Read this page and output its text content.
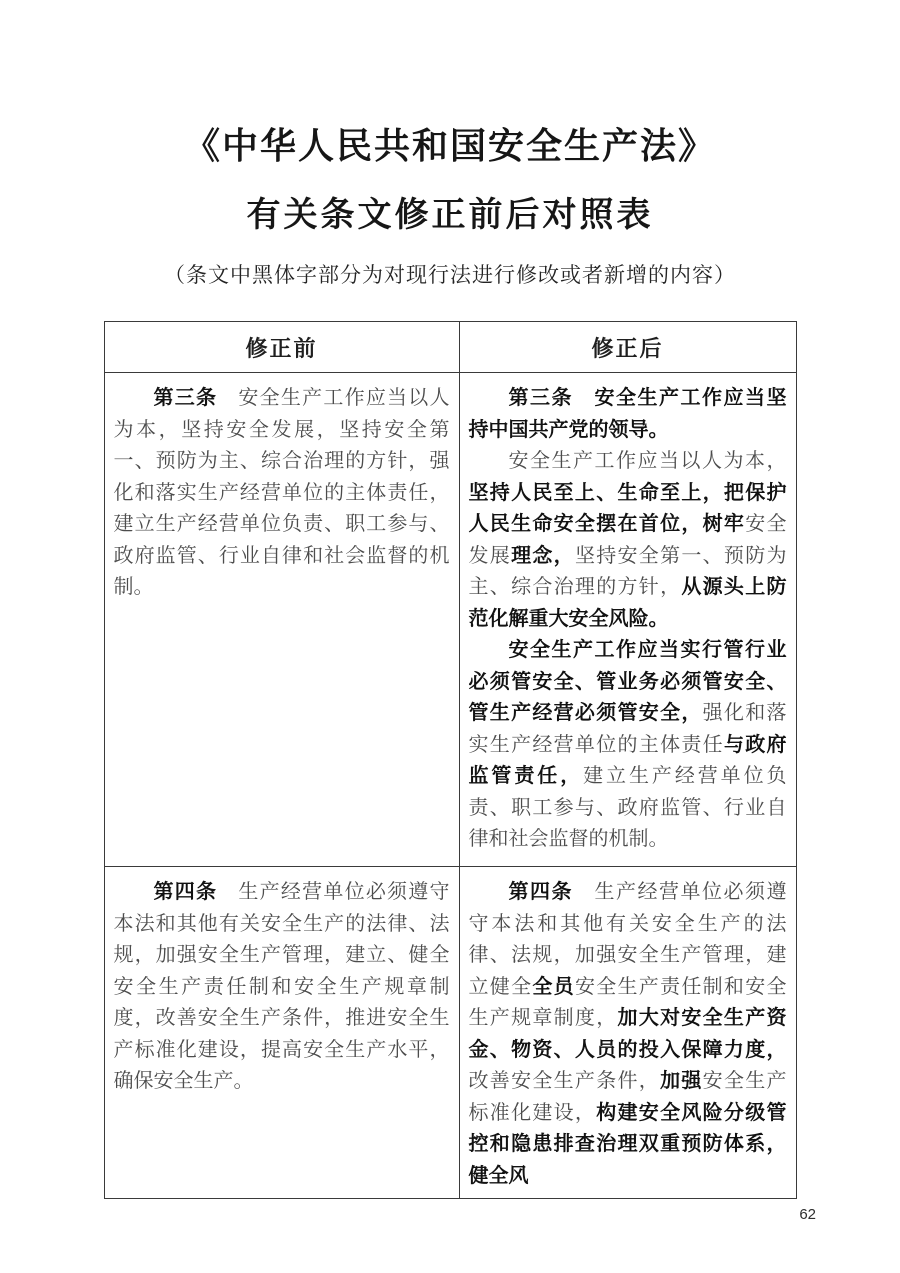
《中华人民共和国安全生产法》
有关条文修正前后对照表
（条文中黑体字部分为对现行法进行修改或者新增的内容）
修正前	修正后

第三条　安全生产工作应当以人为本，坚持安全发展，坚持安全第一、预防为主、综合治理的方针，强化和落实生产经营单位的主体责任，建立生产经营单位负责、职工参与、政府监管、行业自律和社会监督的机制。	第三条　安全生产工作应当坚持中国共产党的领导。

安全生产工作应当以人为本，坚持人民至上、生命至上，把保护人民生命安全摆在首位，树牢安全发展理念，坚持安全第一、预防为主、综合治理的方针，从源头上防范化解重大安全风险。

安全生产工作应当实行管行业必须管安全、管业务必须管安全、管生产经营必须管安全，强化和落实生产经营单位的主体责任与政府监管责任，建立生产经营单位负责、职工参与、政府监管、行业自律和社会监督的机制。

第四条　生产经营单位必须遵守本法和其他有关安全生产的法律、法规，加强安全生产管理，建立、健全安全生产责任制和安全生产规章制度，改善安全生产条件，推进安全生产标准化建设，提高安全生产水平，确保安全生产。	第四条　生产经营单位必须遵守本法和其他有关安全生产的法律、法规，加强安全生产管理，建立健全全员安全生产责任制和安全生产规章制度，加大对安全生产资金、物资、人员的投入保障力度，改善安全生产条件，加强安全生产标准化建设，构建安全风险分级管控和隐患排查治理双重预防体系，健全风

62
